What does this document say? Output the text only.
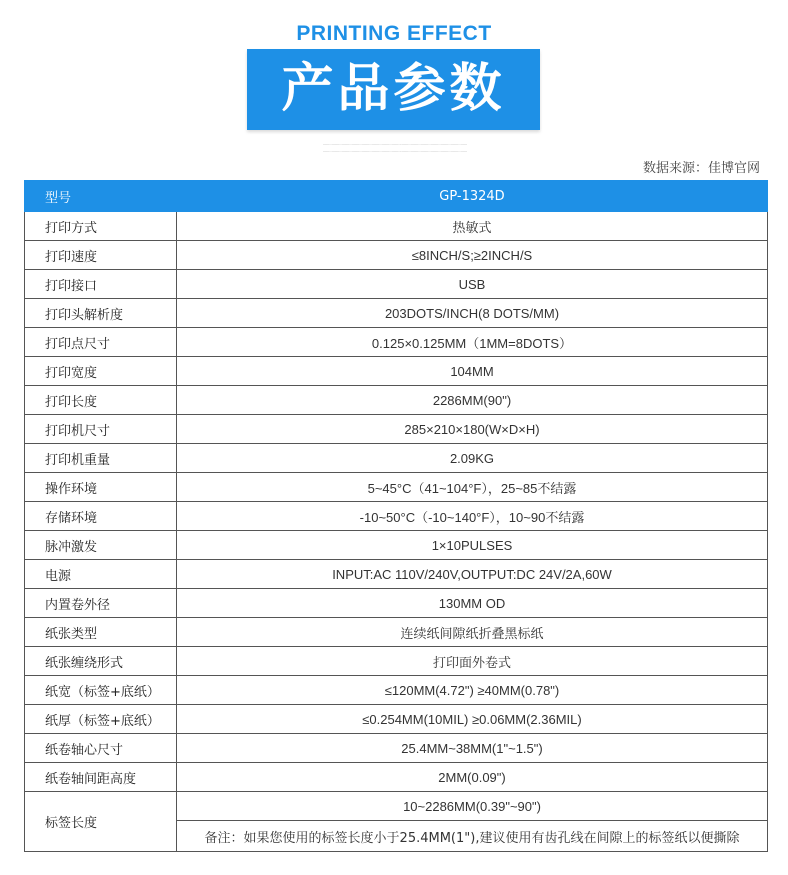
PRINTING EFFECT
产品参数
··································································································································
··································································································································
数据来源：佳博官网
型号	GP-1324D
打印方式	热敏式
打印速度	≤8INCH/S;≥2INCH/S
打印接口	USB
打印头解析度	203DOTS/INCH(8 DOTS/MM)
打印点尺寸	0.125×0.125MM（1MM=8DOTS）
打印宽度	104MM
打印长度	2286MM(90")
打印机尺寸	285×210×180(W×D×H)
打印机重量	2.09KG
操作环境	5~45°C（41~104°F），25~85不结露
存储环境	-10~50°C（-10~140°F），10~90不结露
脉冲激发	1×10PULSES
电源	INPUT:AC 110V/240V,OUTPUT:DC 24V/2A,60W
内置卷外径	130MM OD
纸张类型	连续纸间隙纸折叠黑标纸
纸张缠绕形式	打印面外卷式
纸宽（标签+底纸）	≤120MM(4.72") ≥40MM(0.78")
纸厚（标签+底纸）	≤0.254MM(10MIL) ≥0.06MM(2.36MIL)
纸卷轴心尺寸	25.4MM~38MM(1"~1.5")
纸卷轴间距高度	2MM(0.09")
标签长度	10~2286MM(0.39"~90")
	备注：如果您使用的标签长度小于25.4MM(1"),建议使用有齿孔线在间隙上的标签纸以便撕除
